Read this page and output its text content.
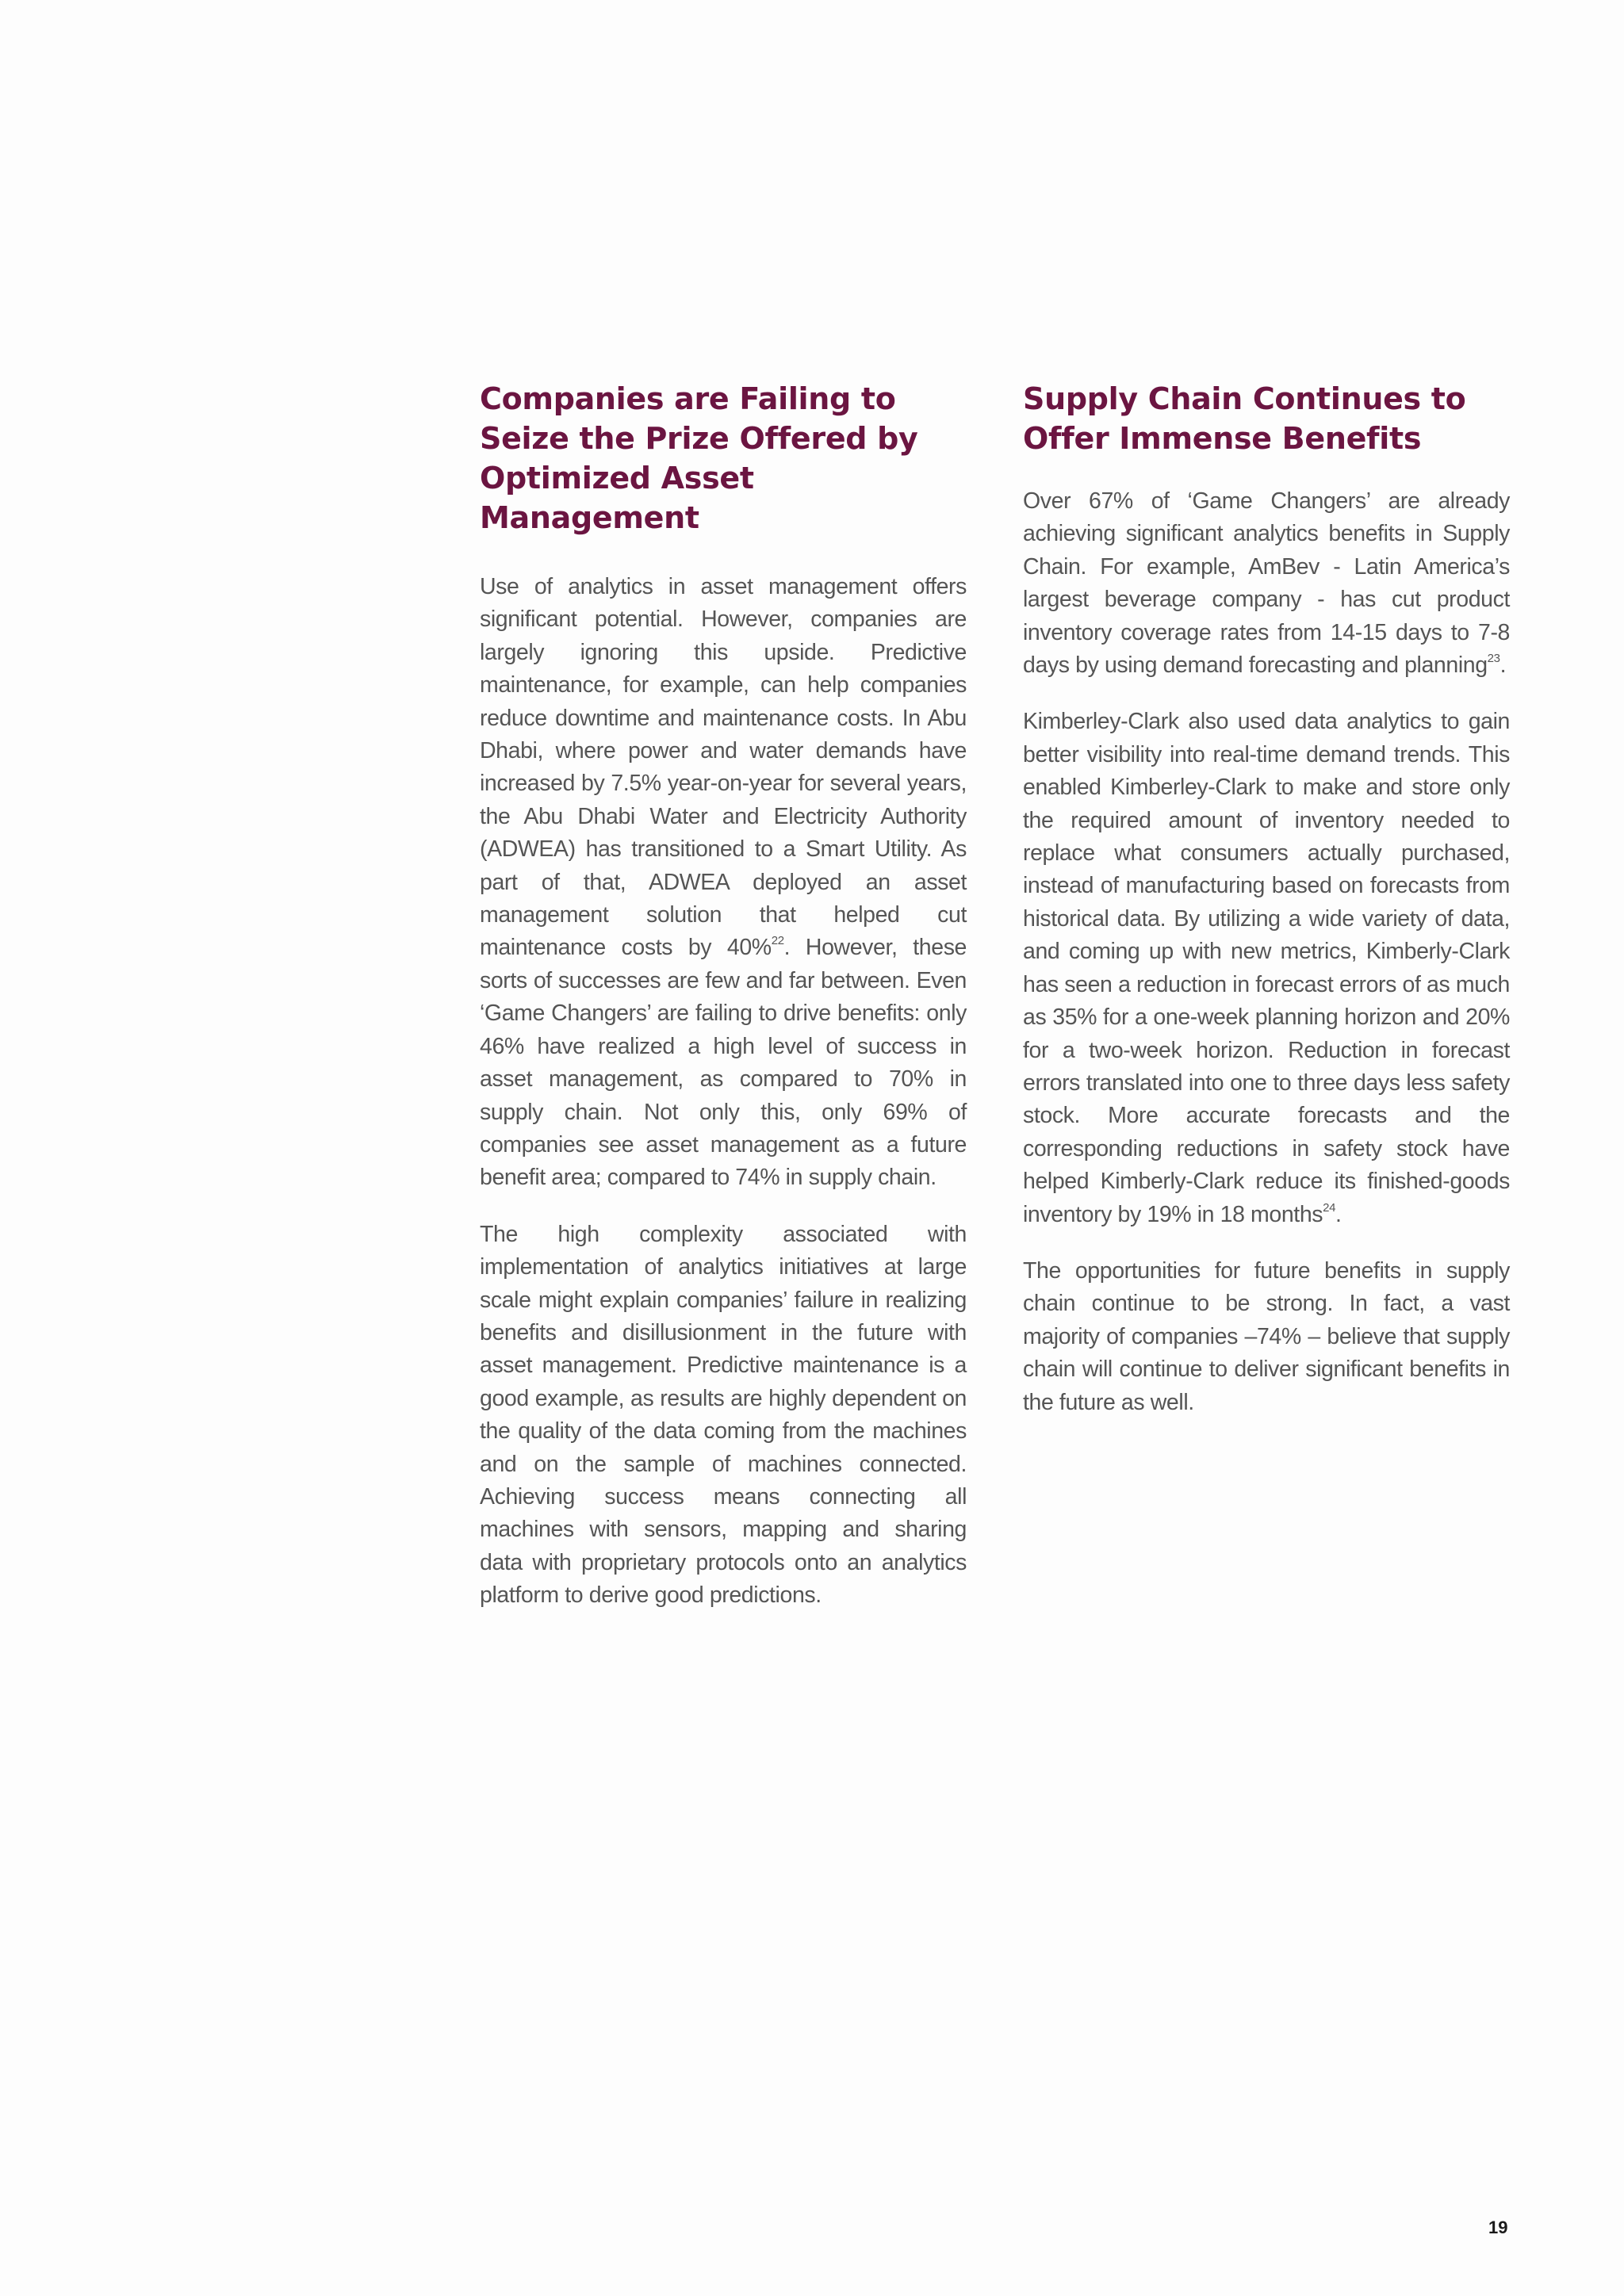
Companies are Failing to Seize the Prize Offered by Optimized Asset Management

Use of analytics in asset management offers significant potential. However, companies are largely ignoring this upside. Predictive maintenance, for example, can help companies reduce downtime and maintenance costs. In Abu Dhabi, where power and water demands have increased by 7.5% year-on-year for several years, the Abu Dhabi Water and Electricity Authority (ADWEA) has transitioned to a Smart Utility. As part of that, ADWEA deployed an asset management solution that helped cut maintenance costs by 40%$^{22}$. However, these sorts of successes are few and far between. Even ‘Game Changers’ are failing to drive benefits: only 46% have realized a high level of success in asset management, as compared to 70% in supply chain. Not only this, only 69% of companies see asset management as a future benefit area; compared to 74% in supply chain.

The high complexity associated with implementation of analytics initiatives at large scale might explain companies’ failure in realizing benefits and disillusionment in the future with asset management. Predictive maintenance is a good example, as results are highly dependent on the quality of the data coming from the machines and on the sample of machines connected. Achieving success means connecting all machines with sensors, mapping and sharing data with proprietary protocols onto an analytics platform to derive good predictions.

Supply Chain Continues to Offer Immense Benefits

Over 67% of ‘Game Changers’ are already achieving significant analytics benefits in Supply Chain. For example, AmBev - Latin America’s largest beverage company - has cut product inventory coverage rates from 14-15 days to 7-8 days by using demand forecasting and planning$^{23}$.

Kimberley-Clark also used data analytics to gain better visibility into real-time demand trends. This enabled Kimberley-Clark to make and store only the required amount of inventory needed to replace what consumers actually purchased, instead of manufacturing based on forecasts from historical data. By utilizing a wide variety of data, and coming up with new metrics, Kimberly-Clark has seen a reduction in forecast errors of as much as 35% for a one-week planning horizon and 20% for a two-week horizon. Reduction in forecast errors translated into one to three days less safety stock. More accurate forecasts and the corresponding reductions in safety stock have helped Kimberly-Clark reduce its finished-goods inventory by 19% in 18 months$^{24}$.

The opportunities for future benefits in supply chain continue to be strong. In fact, a vast majority of companies –74% – believe that supply chain will continue to deliver significant benefits in the future as well.

19
